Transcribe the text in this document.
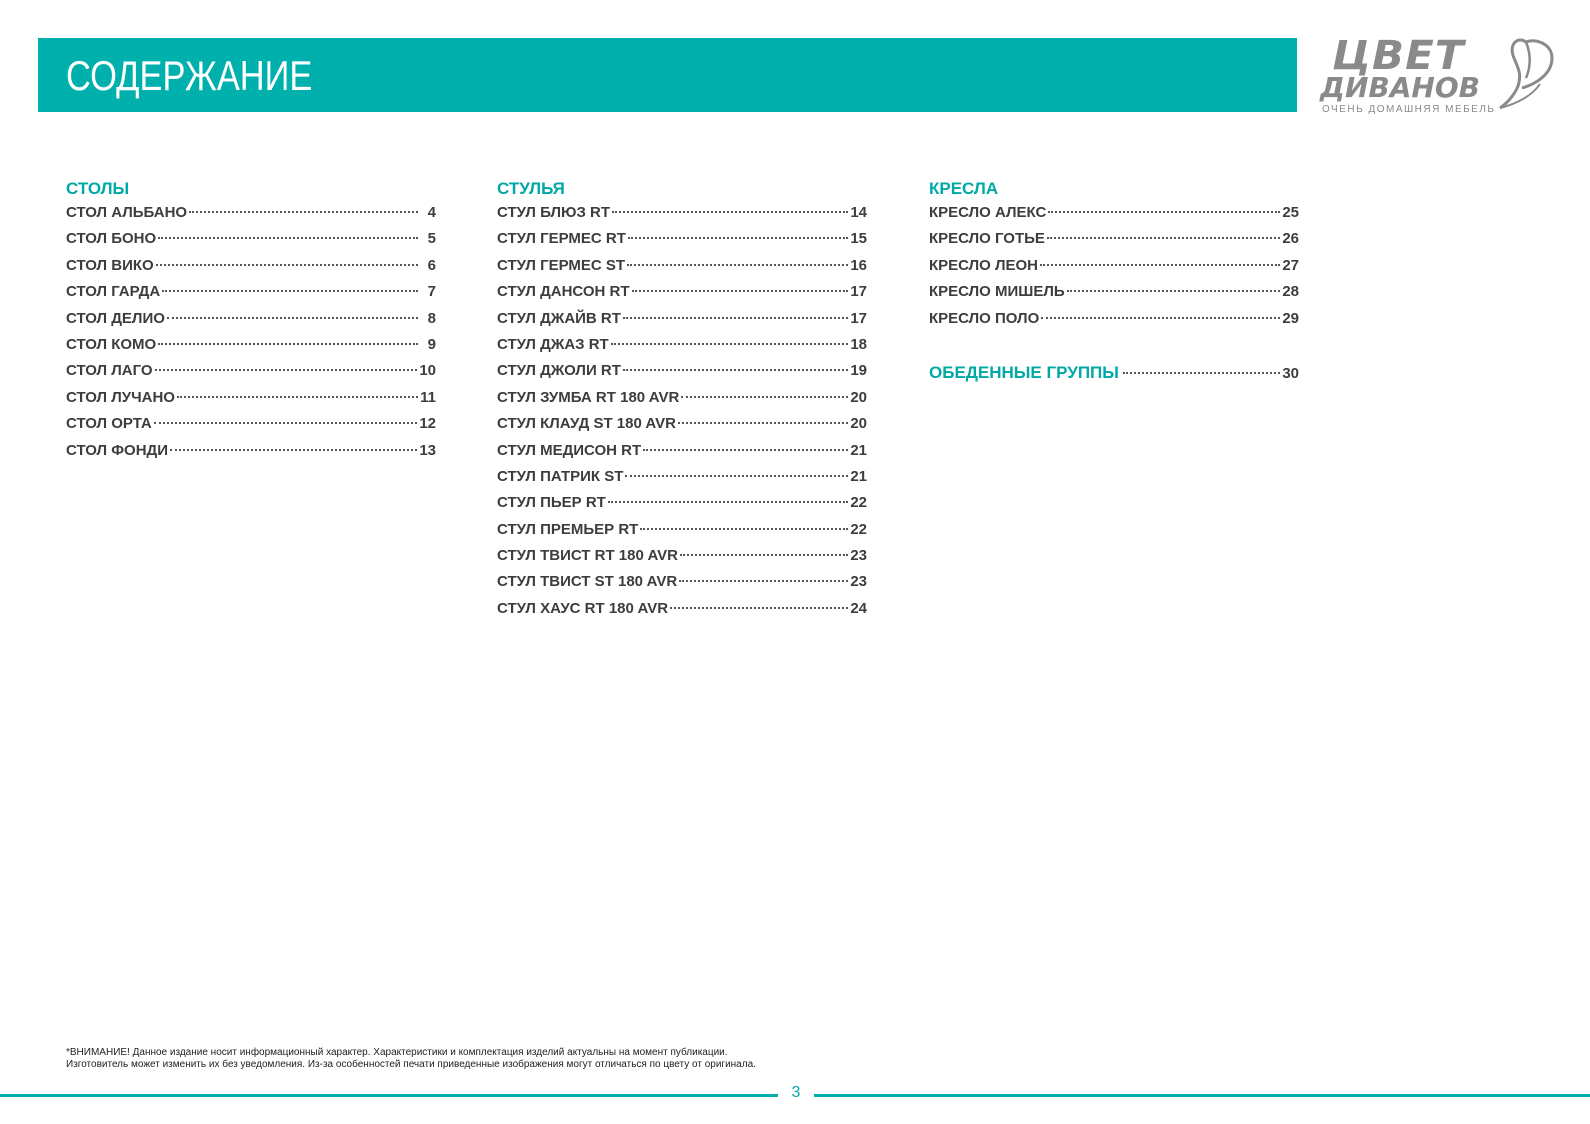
СОДЕРЖАНИЕ	ЦВЕТ
ДИВАНОВ
ОЧЕНЬ ДОМАШНЯЯ МЕБЕЛЬ
СТОЛЫ
СТОЛ АЛЬБАНО	4
СТОЛ БОНО	5
СТОЛ ВИКО	6
СТОЛ ГАРДА	7
СТОЛ ДЕЛИО	8
СТОЛ КОМО	9
СТОЛ ЛАГО	10
СТОЛ ЛУЧАНО	11
СТОЛ ОРТА	12
СТОЛ ФОНДИ	13
СТУЛЬЯ
СТУЛ БЛЮЗ RT	14
СТУЛ ГЕРМЕС RT	15
СТУЛ ГЕРМЕС ST	16
СТУЛ ДАНСОН RT	17
СТУЛ ДЖАЙВ RT	17
СТУЛ ДЖАЗ RT	18
СТУЛ ДЖОЛИ RT	19
СТУЛ ЗУМБА RT 180 AVR	20
СТУЛ КЛАУД ST 180 AVR	20
СТУЛ МЕДИСОН RT	21
СТУЛ ПАТРИК ST	21
СТУЛ ПЬЕР RT	22
СТУЛ ПРЕМЬЕР RT	22
СТУЛ ТВИСТ RT 180 AVR	23
СТУЛ ТВИСТ ST 180 AVR	23
СТУЛ ХАУС RT 180 AVR	24
КРЕСЛА
КРЕСЛО АЛЕКС	25
КРЕСЛО ГОТЬЕ	26
КРЕСЛО ЛЕОН	27
КРЕСЛО МИШЕЛЬ	28
КРЕСЛО ПОЛО	29
ОБЕДЕННЫЕ ГРУППЫ	30

*ВНИМАНИЕ! Данное издание носит информационный характер. Характеристики и комплектация изделий актуальны на момент публикации.

Изготовитель может изменить их без уведомления. Из-за особенностей печати приведенные изображения могут отличаться по цвету от оригинала.

3
